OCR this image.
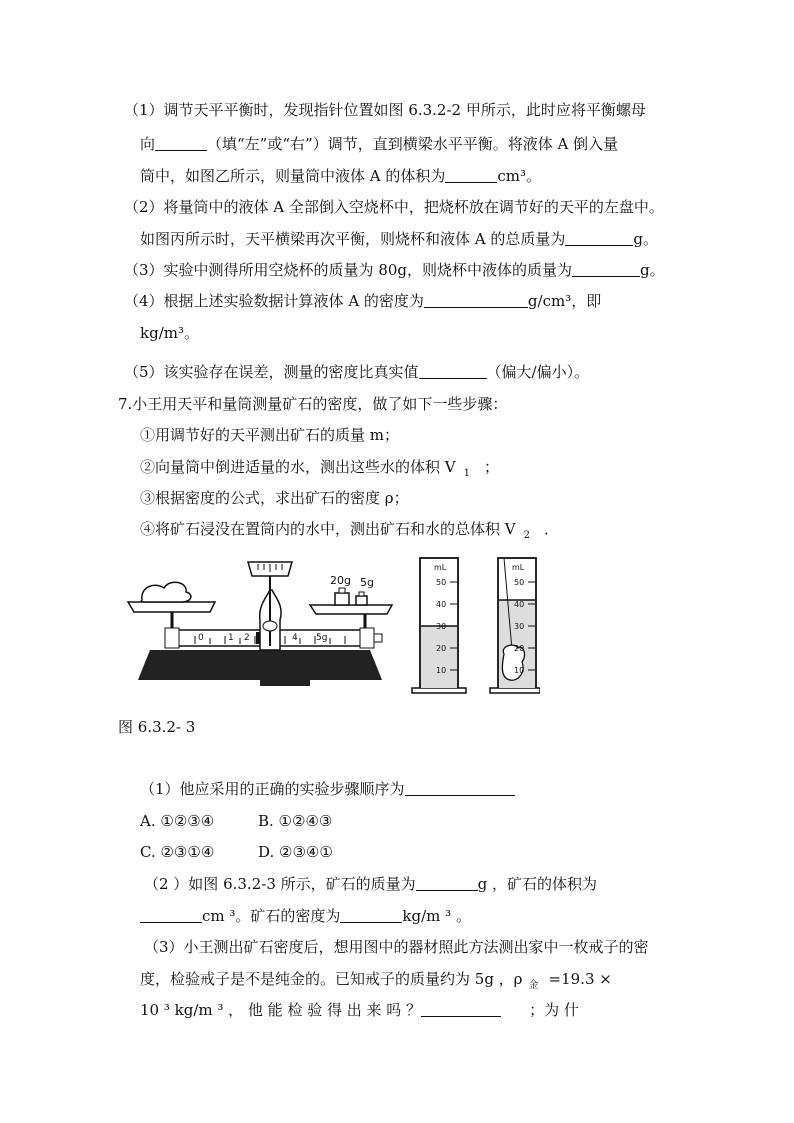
（1）调节天平平衡时，发现指针位置如图 6.3.2-2 甲所示，此时应将平衡螺母
向	（填“左”或“右”）调节，直到横梁水平平衡。将液体 A 倒入量
筒中，如图乙所示，则量筒中液体 A 的体积为	cm³。
（2）将量筒中的液体 A 全部倒入空烧杯中，把烧杯放在调节好的天平的左盘中。
如图丙所示时，天平横梁再次平衡，则烧杯和液体 A 的总质量为	g。
（3）实验中测得所用空烧杯的质量为 80g，则烧杯中液体的质量为	g。
（4）根据上述实验数据计算液体 A 的密度为	g/cm³，即
kg/m³。
（5）该实验存在误差，测量的密度比真实值	（偏大/偏小）。
7.小王用天平和量筒测量矿石的密度，做了如下一些步骤：
①用调节好的天平测出矿石的质量 m；
②向量筒中倒进适量的水，测出这些水的体积 V $_1$ ；
③根据密度的公式，求出矿石的密度 ρ；
④将矿石浸没在置筒内的水中，测出矿石和水的总体积 V $_2$ ．
0	1 2	4 5g
20g 5g
mL
50
40
30
20
10
mL
50
40
30
20
10
图 6.3.2- 3
（1）他应采用的正确的实验步骤顺序为
A. ①②③④	B. ①②④③
C. ②③①④	D. ②③④①
（2 ）如图 6.3.2-3 所示，矿石的质量为	g ，矿石的体积为
cm ³。矿石的密度为	kg/m ³ 。
（3）小王测出矿石密度后，想用图中的器材照此方法测出家中一枚戒子的密
度，检验戒子是不是纯金的。已知戒子的质量约为 5g ，ρ $_金$ =19.3 ×
10 ³ kg/m ³ ， 他 能 检 验 得 出 来 吗 ？	；为 什
